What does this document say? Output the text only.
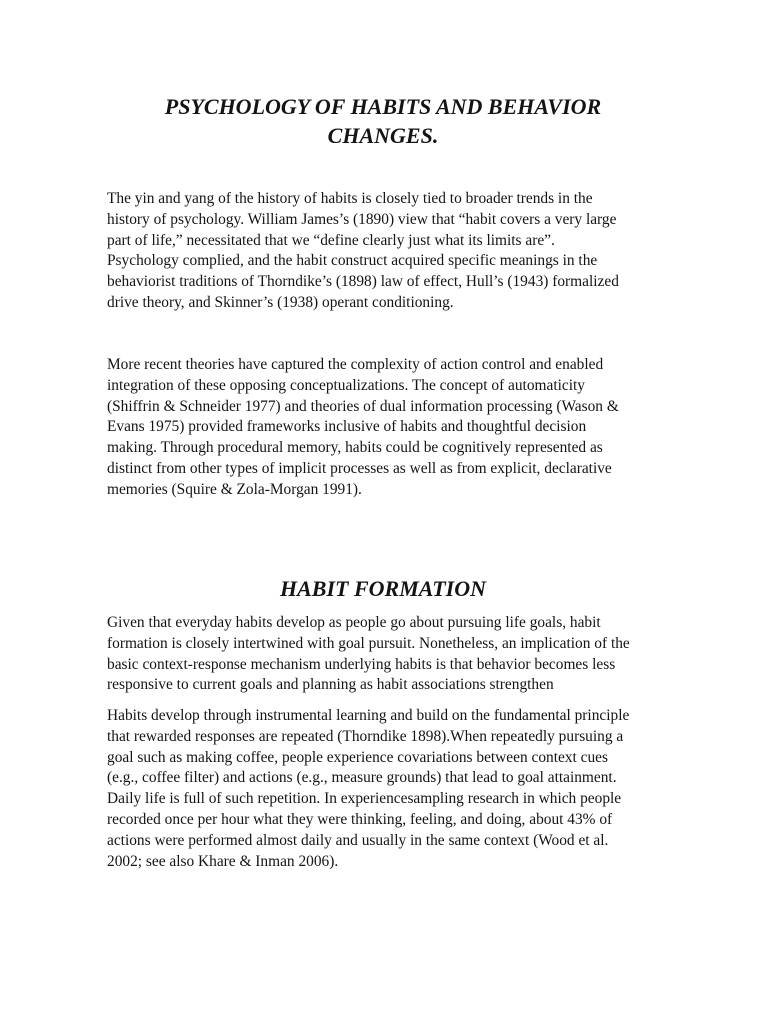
PSYCHOLOGY OF HABITS AND BEHAVIOR
CHANGES.

The yin and yang of the history of habits is closely tied to broader trends in the
history of psychology. William James’s (1890) view that “habit covers a very large
part of life,” necessitated that we “define clearly just what its limits are”.
Psychology complied, and the habit construct acquired specific meanings in the
behaviorist traditions of Thorndike’s (1898) law of effect, Hull’s (1943) formalized
drive theory, and Skinner’s (1938) operant conditioning.

More recent theories have captured the complexity of action control and enabled
integration of these opposing conceptualizations. The concept of automaticity
(Shiffrin & Schneider 1977) and theories of dual information processing (Wason &
Evans 1975) provided frameworks inclusive of habits and thoughtful decision
making. Through procedural memory, habits could be cognitively represented as
distinct from other types of implicit processes as well as from explicit, declarative
memories (Squire & Zola-Morgan 1991).

HABIT FORMATION

Given that everyday habits develop as people go about pursuing life goals, habit
formation is closely intertwined with goal pursuit. Nonetheless, an implication of the
basic context-response mechanism underlying habits is that behavior becomes less
responsive to current goals and planning as habit associations strengthen

Habits develop through instrumental learning and build on the fundamental principle
that rewarded responses are repeated (Thorndike 1898).When repeatedly pursuing a
goal such as making coffee, people experience covariations between context cues
(e.g., coffee filter) and actions (e.g., measure grounds) that lead to goal attainment.
Daily life is full of such repetition. In experiencesampling research in which people
recorded once per hour what they were thinking, feeling, and doing, about 43% of
actions were performed almost daily and usually in the same context (Wood et al.
2002; see also Khare & Inman 2006).
